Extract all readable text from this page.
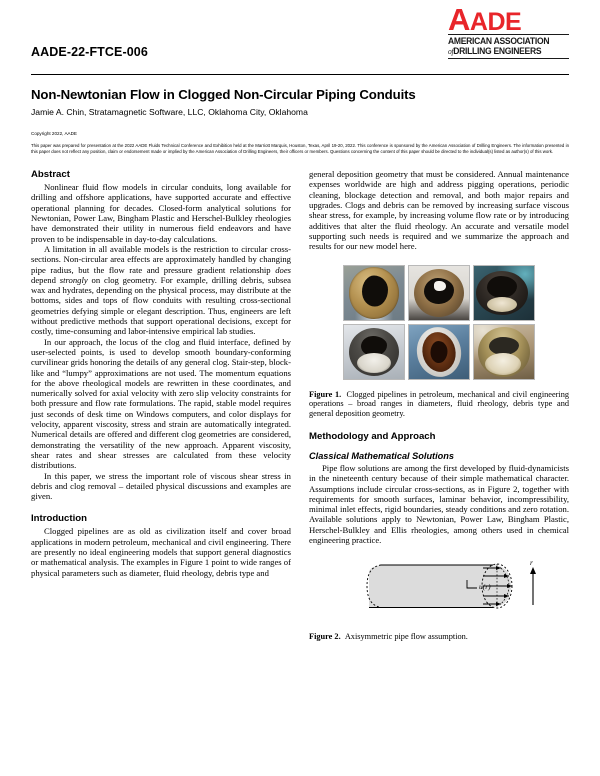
AADE
AMERICAN ASSOCIATION
ofDRILLING ENGINEERS
AADE-22-FTCE-006
Non-Newtonian Flow in Clogged Non-Circular Piping Conduits
Jamie A. Chin, Stratamagnetic Software, LLC, Oklahoma City, Oklahoma
Copyright 2022, AADE
This paper was prepared for presentation at the 2022 AADE Fluids Technical Conference and Exhibition held at the Marriott Marquis, Houston, Texas, April 19-20, 2022. This conference is sponsored by the American Association of Drilling Engineers. The information presented in this paper does not reflect any position, claim or endorsement made or implied by the American Association of Drilling Engineers, their officers or members. Questions concerning the content of this paper should be directed to the individual(s) listed as author(s) of this work.
Abstract

Nonlinear fluid flow models in circular conduits, long available for drilling and offshore applications, have supported accurate and effective operational planning for decades. Closed-form analytical solutions for Newtonian, Power Law, Bingham Plastic and Herschel-Bulkley rheologies have demonstrated their utility in numerous field endeavors and have proven to be indispensable in day-to-day calculations.

A limitation in all available models is the restriction to circular cross-sections. Non-circular area effects are approximately handled by changing pipe radius, but the flow rate and pressure gradient relationship does depend strongly on clog geometry. For example, drilling debris, subsea wax and hydrates, depending on the physical process, may distribute at the bottoms, sides and tops of flow conduits with resulting cross-sectional geometries defying simple or elegant description. Thus, engineers are left without predictive methods that support operational decisions, except for costly, time-consuming and labor-intensive empirical lab studies.

In our approach, the locus of the clog and fluid interface, defined by user-selected points, is used to develop smooth boundary-conforming curvilinear grids honoring the details of any general clog. Stair-step, block-like and “lumpy” approximations are not used. The momentum equations for the above rheological models are rewritten in these coordinates, and numerically solved for axial velocity with zero slip velocity constraints for both pressure and flow rate formulations. The rapid, stable model requires just seconds of desk time on Windows computers, and color displays for velocity, apparent viscosity, stress and strain are automatically integrated. Numerical details are offered and different clog geometries are considered, demonstrating the versatility of the new approach. Apparent viscosity, shear rates and shear stresses are calculated from these velocity distributions.

In this paper, we stress the important role of viscous shear stress in debris and clog removal – detailed physical discussions and examples are given.

Introduction

Clogged pipelines are as old as civilization itself and cover broad applications in modern petroleum, mechanical and civil engineering. There are presently no ideal engineering models that support general diagnostics or mathematical analysis. The examples in Figure 1 point to wide ranges of physical parameters such as diameter, fluid rheology, debris type and

general deposition geometry that must be considered. Annual maintenance expenses worldwide are high and address pigging operations, periodic cleaning, blockage detection and removal, and both major repairs and upgrades. Clogs and debris can be removed by increasing surface viscous shear stress, for example, by increasing volume flow rate or by introducing additives that alter the fluid rheology. An accurate and versatile model supporting such needs is required and we summarize the approach and results for our new model here.

Figure 1. Clogged pipelines in petroleum, mechanical and civil engineering operations – broad ranges in diameters, fluid rheology, debris type and general deposition geometry.

Methodology and Approach
Classical Mathematical Solutions

Pipe flow solutions are among the first developed by fluid-dynamicists in the nineteenth century because of their simple mathematical character. Assumptions include circular cross-sections, as in Figure 2, together with requirements for smooth surfaces, laminar behavior, incompressibility, minimal inlet effects, rigid boundaries, steady conditions and zero rotation. Available solutions apply to Newtonian, Power Law, Bingham Plastic, Herschel-Bulkley and Ellis rheologies, among others used in chemical engineering practice.

u(r)
r

Figure 2. Axisymmetric pipe flow assumption.
